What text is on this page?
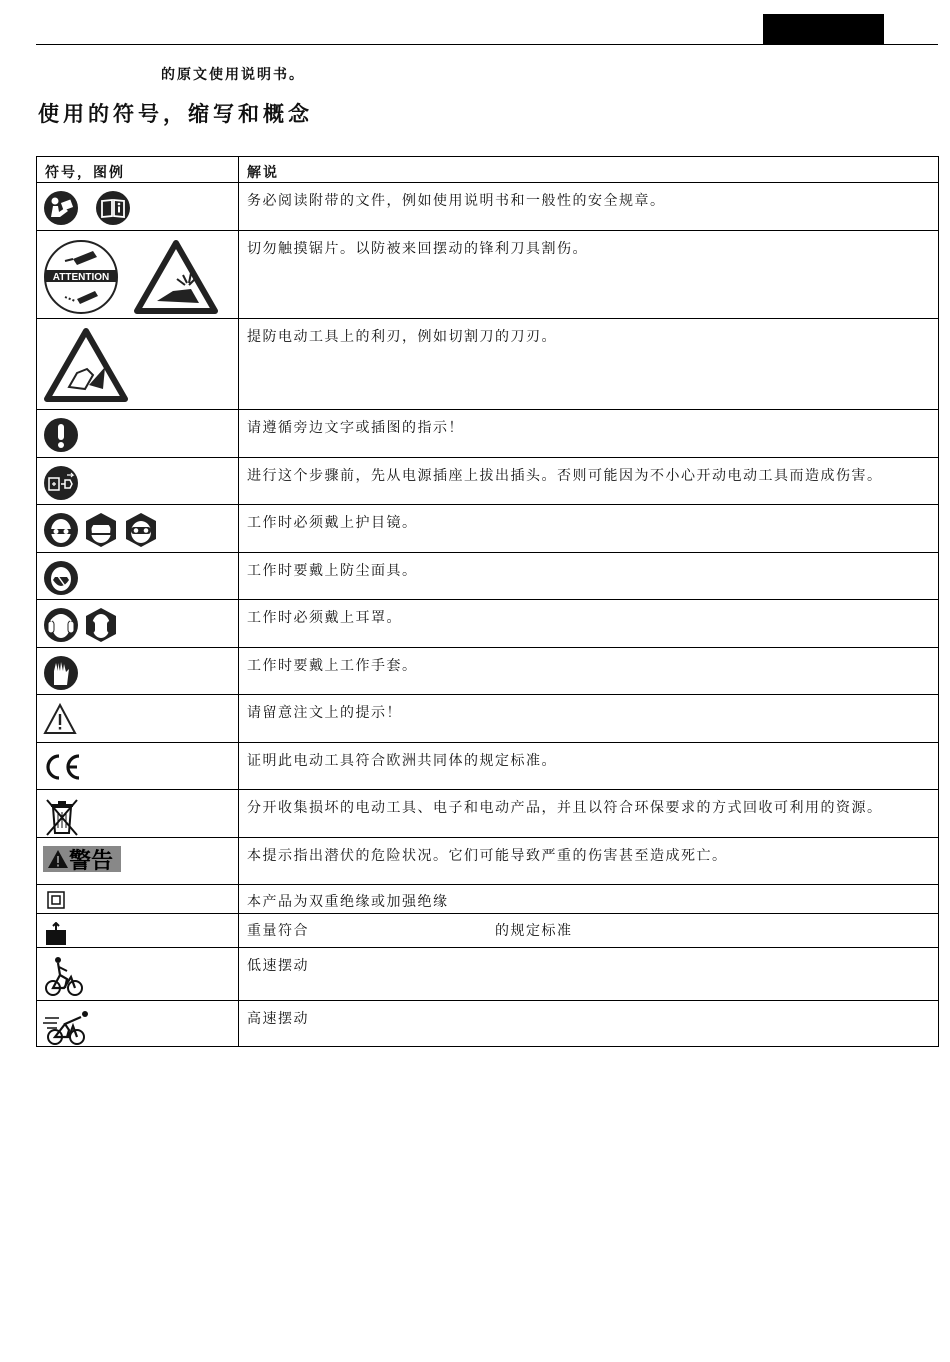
的原文使用说明书。
使用的符号，缩写和概念
符号，图例	解说

	务必阅读附带的文件，例如使用说明书和一般性的安全规章。

ATTENTION	切勿触摸锯片。以防被来回摆动的锋利刀具割伤。

	提防电动工具上的利刃，例如切割刀的刀刃。

	请遵循旁边文字或插图的指示！

	进行这个步骤前，先从电源插座上拔出插头。否则可能因为不小心开动电动工具而造成伤害。

	工作时必须戴上护目镜。

	工作时要戴上防尘面具。

	工作时必须戴上耳罩。

	工作时要戴上工作手套。

	请留意注文上的提示！

	证明此电动工具符合欧洲共同体的规定标准。

	分开收集损坏的电动工具、电子和电动产品，并且以符合环保要求的方式回收可利用的资源。

警告	本提示指出潜伏的危险状况。它们可能导致严重的伤害甚至造成死亡。

	本产品为双重绝缘或加强绝缘

	重量符合 的规定标准

	低速摆动

	高速摆动
